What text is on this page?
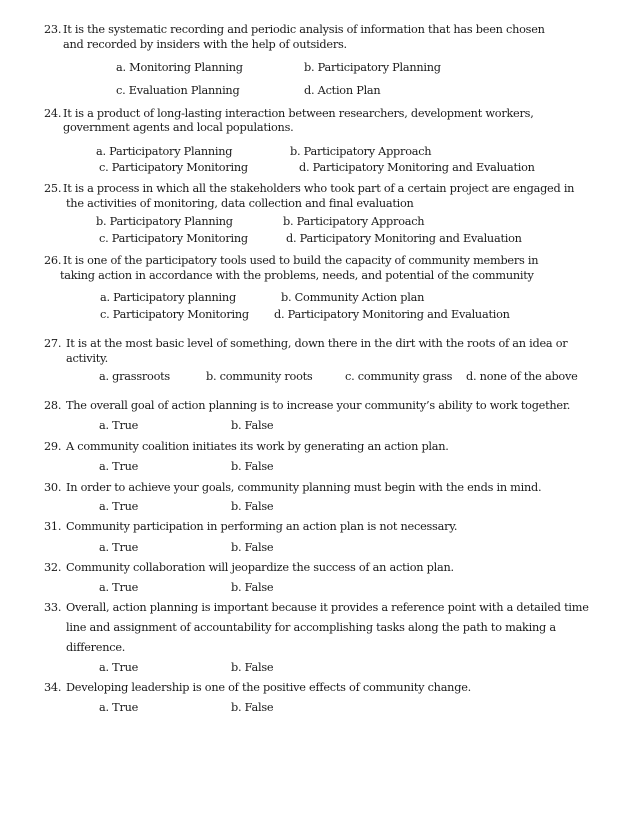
23. It is the systematic recording and periodic analysis of information that has been chosen
and recorded by insiders with the help of outsiders.
a. Monitoring Planning	b. Participatory Planning
c. Evaluation Planning	d. Action Plan
24. It is a product of long-lasting interaction between researchers, development workers,
government agents and local populations.
a. Participatory Planning	b. Participatory Approach
c. Participatory Monitoring	d. Participatory Monitoring and Evaluation
25. It is a process in which all the stakeholders who took part of a certain project are engaged in
the activities of monitoring, data collection and final evaluation
b. Participatory Planning	b. Participatory Approach
c. Participatory Monitoring	d. Participatory Monitoring and Evaluation
26. It is one of the participatory tools used to build the capacity of community members in
taking action in accordance with the problems, needs, and potential of the community
a. Participatory planning	b. Community Action plan
c. Participatory Monitoring d. Participatory Monitoring and Evaluation
27. It is at the most basic level of something, down there in the dirt with the roots of an idea or
activity.
a. grassroots	b. community roots	c. community grass d. none of the above
28. The overall goal of action planning is to increase your community’s ability to work together.
a. True	b. False
29. A community coalition initiates its work by generating an action plan.
a. True	b. False
30. In order to achieve your goals, community planning must begin with the ends in mind.
a. True	b. False
31. Community participation in performing an action plan is not necessary.
a. True	b. False
32. Community collaboration will jeopardize the success of an action plan.
a. True	b. False
33. Overall, action planning is important because it provides a reference point with a detailed time
line and assignment of accountability for accomplishing tasks along the path to making a
difference.
a. True	b. False
34. Developing leadership is one of the positive effects of community change.
a. True	b. False
